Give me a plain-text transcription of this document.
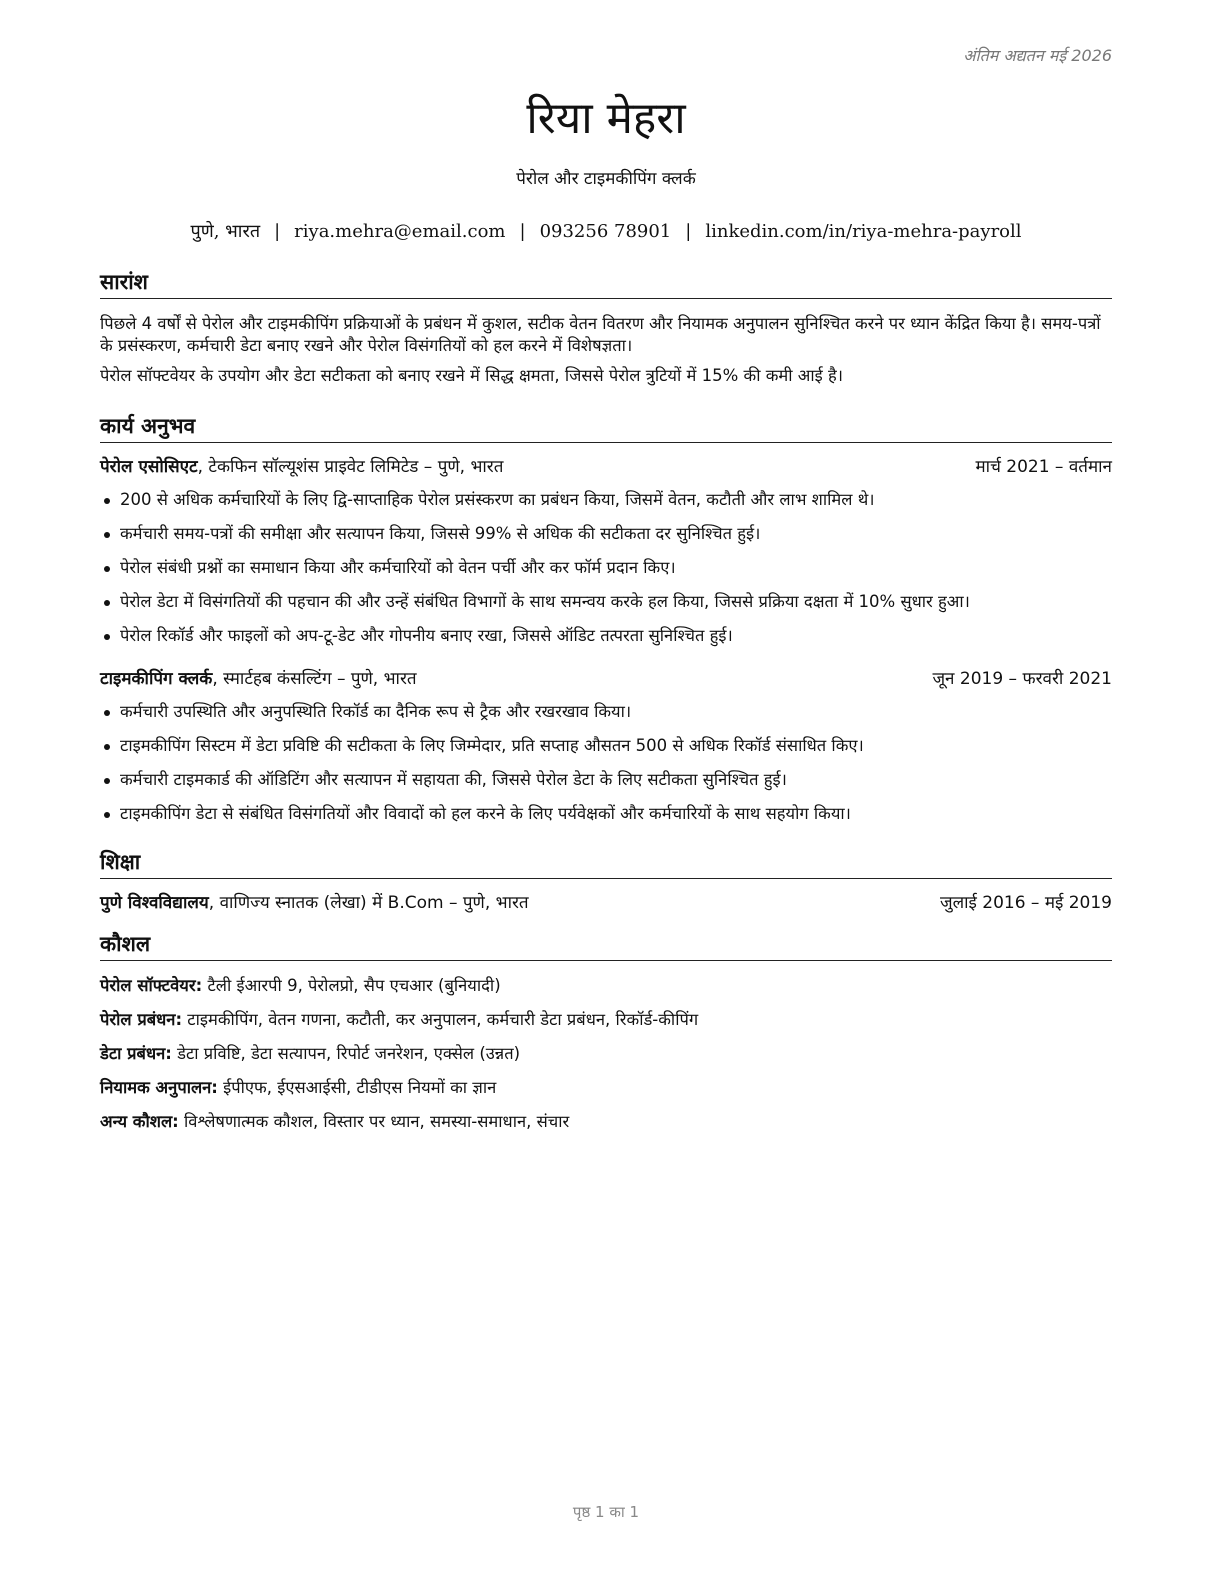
अंतिम अद्यतन मई 2026
रिया मेहरा
पेरोल और टाइमकीपिंग क्लर्क
पुणे, भारत | riya.mehra@email.com | 093256 78901 | linkedin.com/in/riya-mehra-payroll
सारांश

पिछले 4 वर्षों से पेरोल और टाइमकीपिंग प्रक्रियाओं के प्रबंधन में कुशल, सटीक वेतन वितरण और नियामक अनुपालन सुनिश्चित करने पर ध्यान केंद्रित किया है। समय-पत्रों के प्रसंस्करण, कर्मचारी डेटा बनाए रखने और पेरोल विसंगतियों को हल करने में विशेषज्ञता।

पेरोल सॉफ्टवेयर के उपयोग और डेटा सटीकता को बनाए रखने में सिद्ध क्षमता, जिससे पेरोल त्रुटियों में 15% की कमी आई है।

कार्य अनुभव
पेरोल एसोसिएट, टेकफिन सॉल्यूशंस प्राइवेट लिमिटेड – पुणे, भारत	मार्च 2021 – वर्तमान
200 से अधिक कर्मचारियों के लिए द्वि-साप्ताहिक पेरोल प्रसंस्करण का प्रबंधन किया, जिसमें वेतन, कटौती और लाभ शामिल थे।
कर्मचारी समय-पत्रों की समीक्षा और सत्यापन किया, जिससे 99% से अधिक की सटीकता दर सुनिश्चित हुई।
पेरोल संबंधी प्रश्नों का समाधान किया और कर्मचारियों को वेतन पर्ची और कर फॉर्म प्रदान किए।
पेरोल डेटा में विसंगतियों की पहचान की और उन्हें संबंधित विभागों के साथ समन्वय करके हल किया, जिससे प्रक्रिया दक्षता में 10% सुधार हुआ।
पेरोल रिकॉर्ड और फाइलों को अप-टू-डेट और गोपनीय बनाए रखा, जिससे ऑडिट तत्परता सुनिश्चित हुई।
टाइमकीपिंग क्लर्क, स्मार्टहब कंसल्टिंग – पुणे, भारत	जून 2019 – फरवरी 2021
कर्मचारी उपस्थिति और अनुपस्थिति रिकॉर्ड का दैनिक रूप से ट्रैक और रखरखाव किया।
टाइमकीपिंग सिस्टम में डेटा प्रविष्टि की सटीकता के लिए जिम्मेदार, प्रति सप्ताह औसतन 500 से अधिक रिकॉर्ड संसाधित किए।
कर्मचारी टाइमकार्ड की ऑडिटिंग और सत्यापन में सहायता की, जिससे पेरोल डेटा के लिए सटीकता सुनिश्चित हुई।
टाइमकीपिंग डेटा से संबंधित विसंगतियों और विवादों को हल करने के लिए पर्यवेक्षकों और कर्मचारियों के साथ सहयोग किया।
शिक्षा
पुणे विश्वविद्यालय, वाणिज्य स्नातक (लेखा) में B.Com – पुणे, भारत	जुलाई 2016 – मई 2019
कौशल
पेरोल सॉफ्टवेयर: टैली ईआरपी 9, पेरोलप्रो, सैप एचआर (बुनियादी)
पेरोल प्रबंधन: टाइमकीपिंग, वेतन गणना, कटौती, कर अनुपालन, कर्मचारी डेटा प्रबंधन, रिकॉर्ड-कीपिंग
डेटा प्रबंधन: डेटा प्रविष्टि, डेटा सत्यापन, रिपोर्ट जनरेशन, एक्सेल (उन्नत)
नियामक अनुपालन: ईपीएफ, ईएसआईसी, टीडीएस नियमों का ज्ञान
अन्य कौशल: विश्लेषणात्मक कौशल, विस्तार पर ध्यान, समस्या-समाधान, संचार
पृष्ठ 1 का 1
